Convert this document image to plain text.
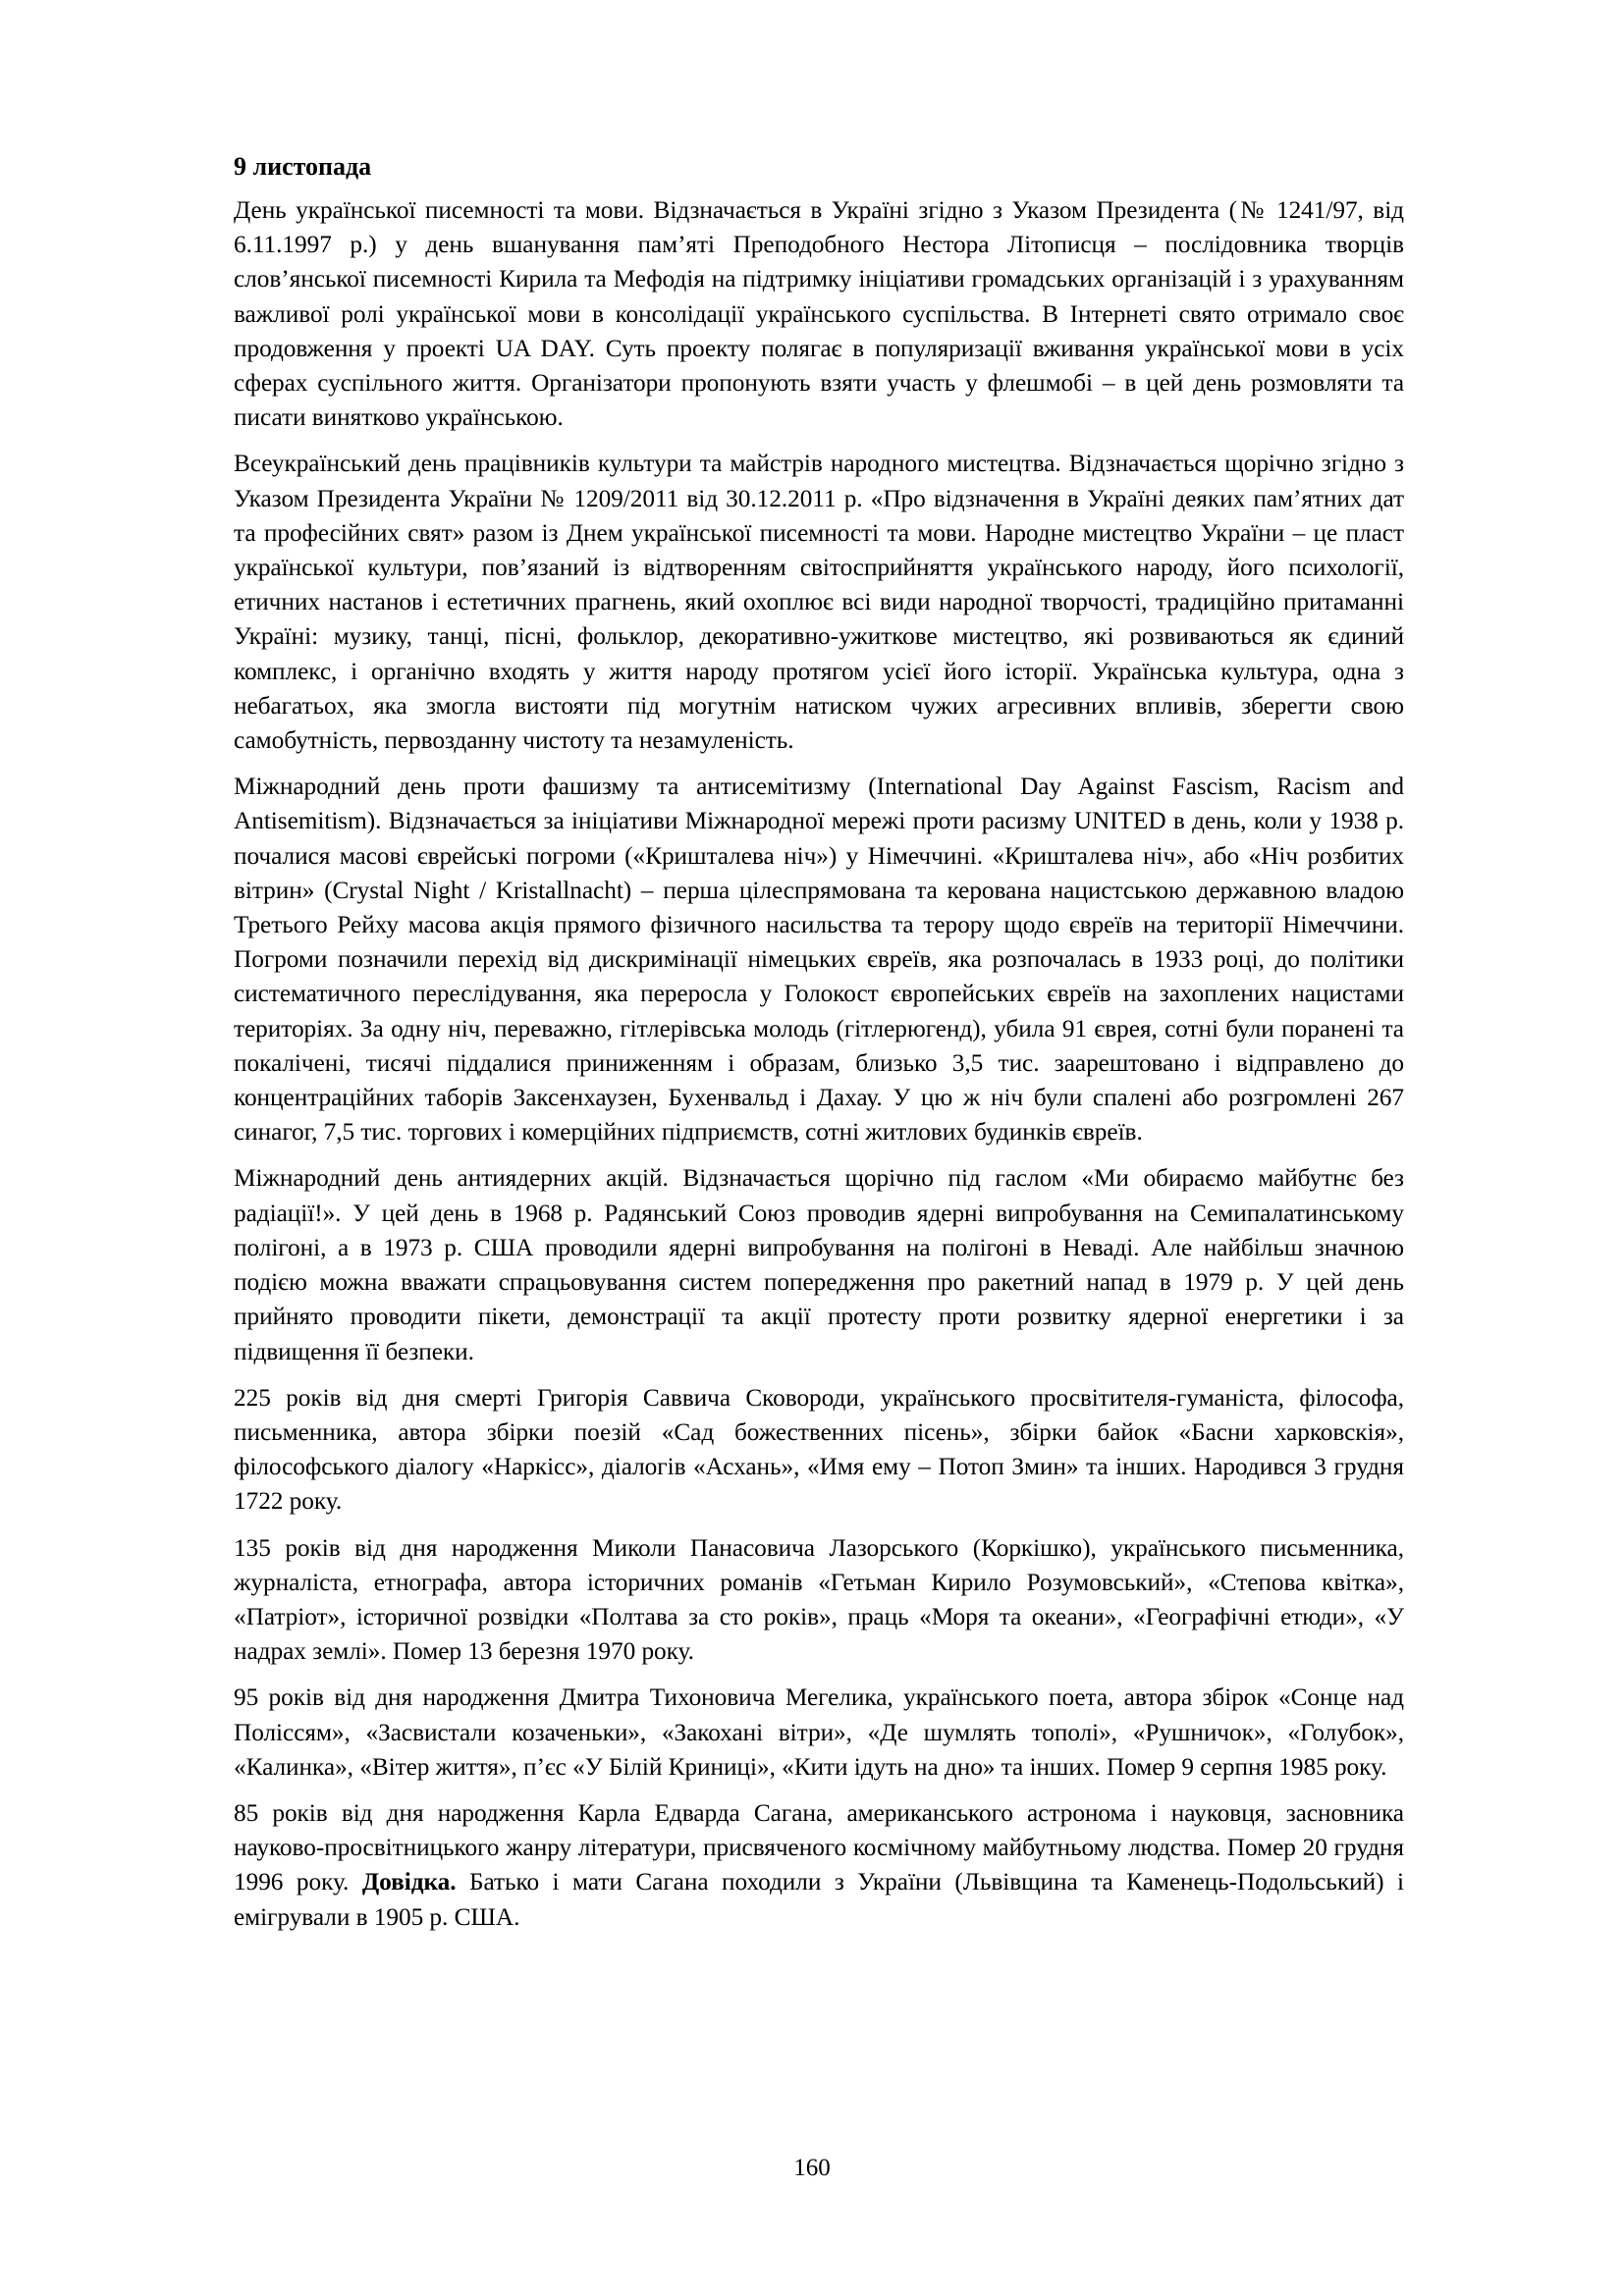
9 листопада

День української писемності та мови. Відзначається в Україні згідно з Указом Президента (№ 1241/97, від 6.11.1997 р.) у день вшанування пам’яті Преподобного Нестора Літописця – послідовника творців слов’янської писемності Кирила та Мефодія на підтримку ініціативи громадських організацій і з урахуванням важливої ролі української мови в консолідації українського суспільства. В Інтернеті свято отримало своє продовження у проекті UA DAY. Суть проекту полягає в популяризації вживання української мови в усіх сферах суспільного життя. Організатори пропонують взяти участь у флешмобі – в цей день розмовляти та писати винятково українською.

Всеукраїнський день працівників культури та майстрів народного мистецтва. Відзначається щорічно згідно з Указом Президента України № 1209/2011 від 30.12.2011 р. «Про відзначення в Україні деяких пам’ятних дат та професійних свят» разом із Днем української писемності та мови. Народне мистецтво України – це пласт української культури, пов’язаний із відтворенням світосприйняття українського народу, його психології, етичних настанов і естетичних прагнень, який охоплює всі види народної творчості, традиційно притаманні Україні: музику, танці, пісні, фольклор, декоративно-ужиткове мистецтво, які розвиваються як єдиний комплекс, і органічно входять у життя народу протягом усієї його історії. Українська культура, одна з небагатьох, яка змогла вистояти під могутнім натиском чужих агресивних впливів, зберегти свою самобутність, первозданну чистоту та незамуленість.

Міжнародний день проти фашизму та антисемітизму (International Day Against Fascism, Racism and Antisemitism). Відзначається за ініціативи Міжнародної мережі проти расизму UNITED в день, коли у 1938 р. почалися масові єврейські погроми («Кришталева ніч») у Німеччині. «Кришталева ніч», або «Ніч розбитих вітрин» (Crystal Night / Kristallnacht) – перша цілеспрямована та керована нацистською державною владою Третього Рейху масова акція прямого фізичного насильства та терору щодо євреїв на території Німеччини. Погроми позначили перехід від дискримінації німецьких євреїв, яка розпочалась в 1933 році, до політики систематичного переслідування, яка переросла у Голокост європейських євреїв на захоплених нацистами територіях. За одну ніч, переважно, гітлерівська молодь (гітлерюгенд), убила 91 єврея, сотні були поранені та покалічені, тисячі піддалися приниженням і образам, близько 3,5 тис. заарештовано і відправлено до концентраційних таборів Заксенхаузен, Бухенвальд і Дахау. У цю ж ніч були спалені або розгромлені 267 синагог, 7,5 тис. торгових і комерційних підприємств, сотні житлових будинків євреїв.

Міжнародний день антиядерних акцій. Відзначається щорічно під гаслом «Ми обираємо майбутнє без радіації!». У цей день в 1968 р. Радянський Союз проводив ядерні випробування на Семипалатинському полігоні, а в 1973 р. США проводили ядерні випробування на полігоні в Неваді. Але найбільш значною подією можна вважати спрацьовування систем попередження про ракетний напад в 1979 р. У цей день прийнято проводити пікети, демонстрації та акції протесту проти розвитку ядерної енергетики і за підвищення її безпеки.

225 років від дня смерті Григорія Саввича Сковороди, українського просвітителя-гуманіста, філософа, письменника, автора збірки поезій «Сад божественних пісень», збірки байок «Басни харковскія», філософського діалогу «Наркісс», діалогів «Асхань», «Имя ему – Потоп Змин» та інших. Народився 3 грудня 1722 року.

135 років від дня народження Миколи Панасовича Лазорського (Коркішко), українського письменника, журналіста, етнографа, автора історичних романів «Гетьман Кирило Розумовський», «Степова квітка», «Патріот», історичної розвідки «Полтава за сто років», праць «Моря та океани», «Географічні етюди», «У надрах землі». Помер 13 березня 1970 року.

95 років від дня народження Дмитра Тихоновича Мегелика, українського поета, автора збірок «Сонце над Поліссям», «Засвистали козаченьки», «Закохані вітри», «Де шумлять тополі», «Рушничок», «Голубок», «Калинка», «Вітер життя», п’єс «У Білій Криниці», «Кити ідуть на дно» та інших. Помер 9 серпня 1985 року.

85 років від дня народження Карла Едварда Сагана, американського астронома і науковця, засновника науково-просвітницького жанру літератури, присвяченого космічному майбутньому людства. Помер 20 грудня 1996 року. Довідка. Батько і мати Сагана походили з України (Львівщина та Каменець-Подольський) і емігрували в 1905 р. США.

160
